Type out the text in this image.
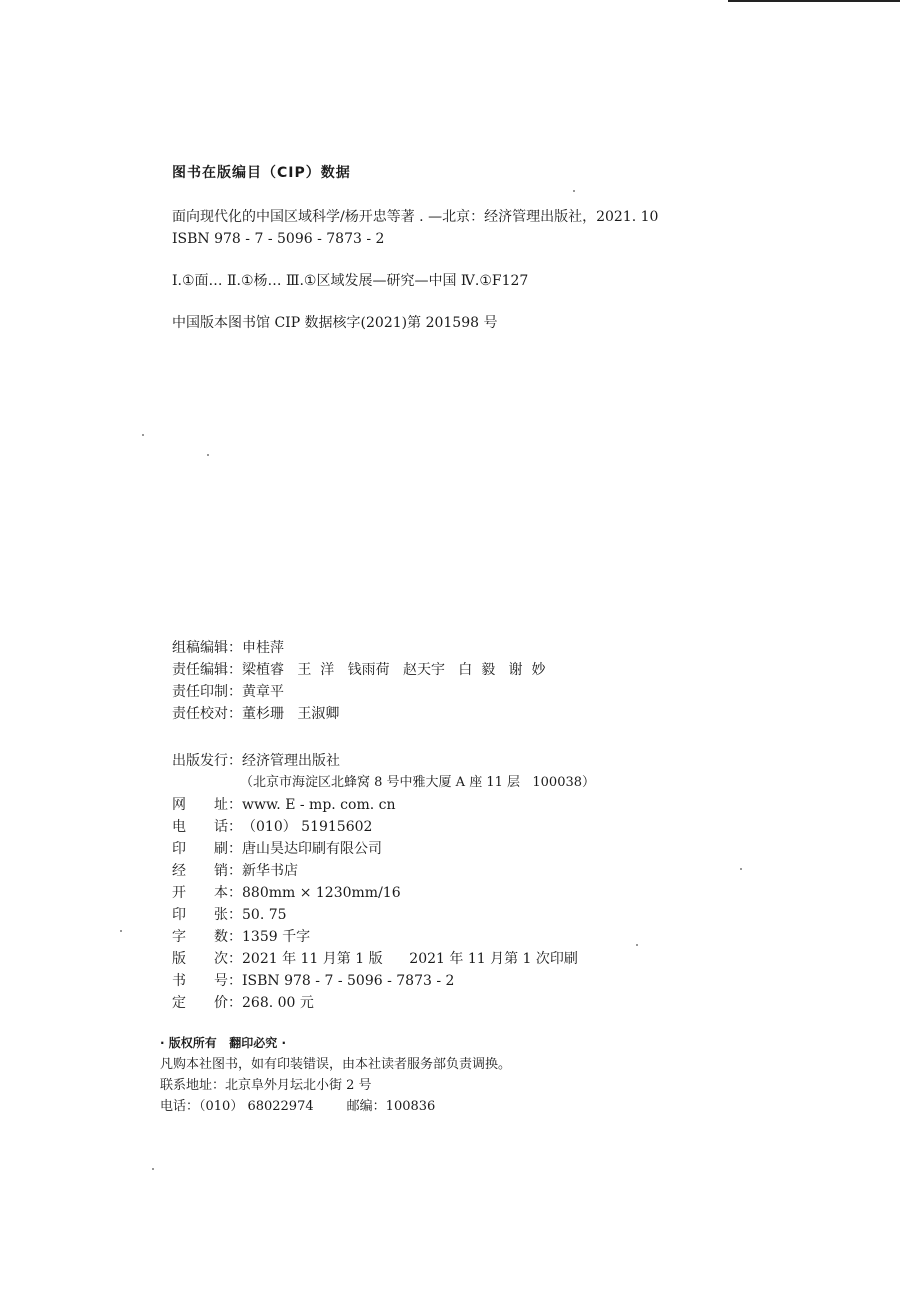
图书在版编目（CIP）数据
面向现代化的中国区域科学/杨开忠等著 . —北京：经济管理出版社，2021. 10
ISBN 978 - 7 - 5096 - 7873 - 2
Ⅰ.①面… Ⅱ.①杨… Ⅲ.①区域发展—研究—中国 Ⅳ.①F127
中国版本图书馆 CIP 数据核字(2021)第 201598 号
组稿编辑： 申桂萍
责任编辑： 梁植睿   王  洋   钱雨荷   赵天宇   白  毅   谢  妙
责任印制： 黄章平
责任校对： 董杉珊   王淑卿
出版发行： 经济管理出版社
（北京市海淀区北蜂窝 8 号中雅大厦 A 座 11 层   100038）
网 址 ： www. E - mp. com. cn
电 话 ： （010） 51915602
印 刷 ： 唐山昊达印刷有限公司
经 销 ： 新华书店
开 本 ： 880mm × 1230mm/16
印 张 ： 50. 75
字 数 ： 1359 千字
版 次 ： 2021 年 11 月第 1 版      2021 年 11 月第 1 次印刷
书 号 ： ISBN 978 - 7 - 5096 - 7873 - 2
定 价 ： 268. 00 元
· 版权所有   翻印必究 ·
凡购本社图书，如有印装错误，由本社读者服务部负责调换。
联系地址：北京阜外月坛北小街 2 号
电话：（010） 68022974        邮编：100836
